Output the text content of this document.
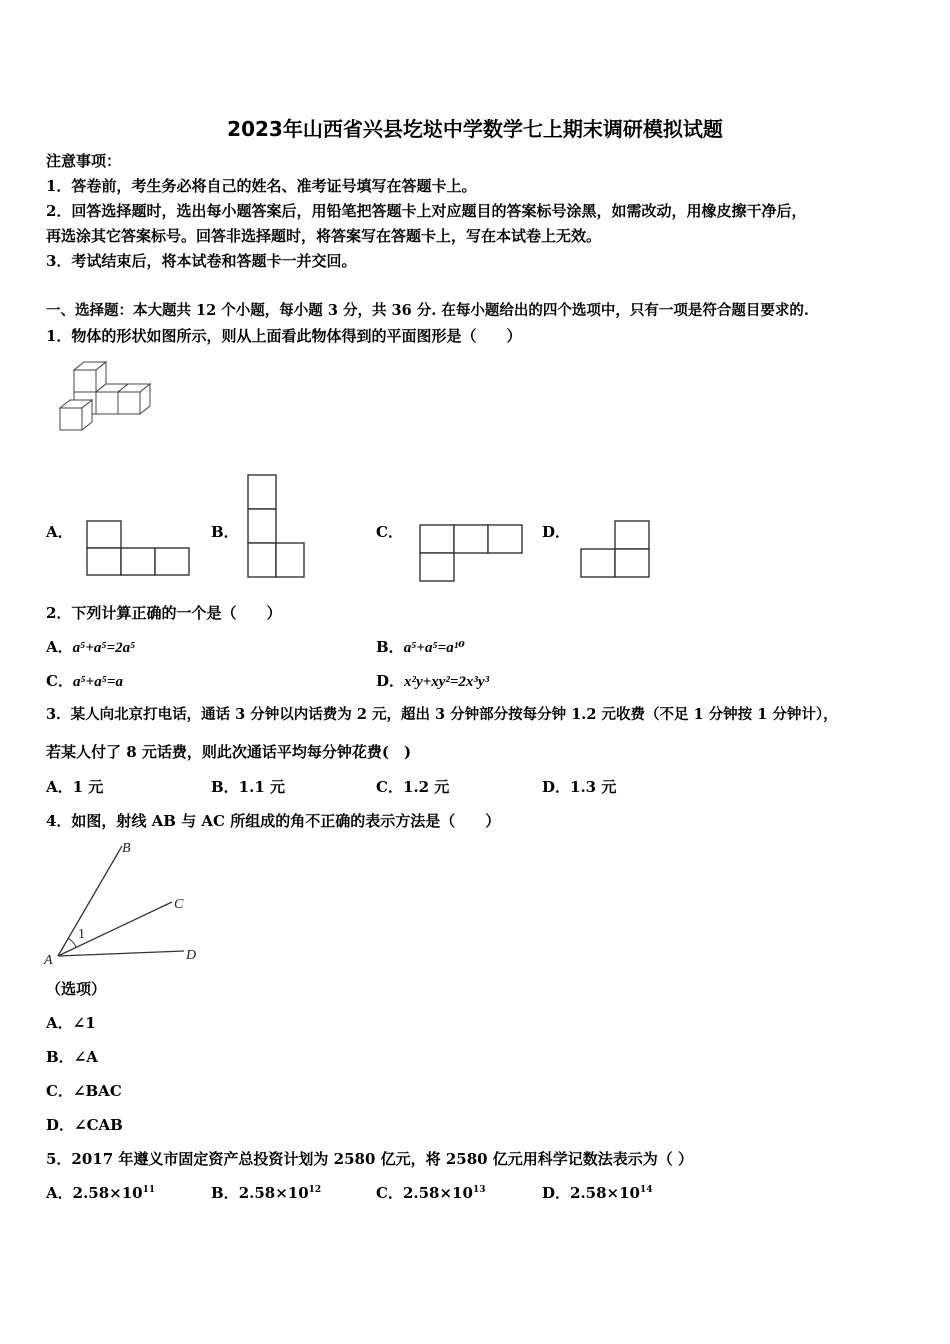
2023年山西省兴县圪垯中学数学七上期末调研模拟试题
注意事项：
1．答卷前，考生务必将自己的姓名、准考证号填写在答题卡上。
2．回答选择题时，选出每小题答案后，用铅笔把答题卡上对应题目的答案标号涂黑，如需改动，用橡皮擦干净后，
再选涂其它答案标号。回答非选择题时，将答案写在答题卡上，写在本试卷上无效。
3．考试结束后，将本试卷和答题卡一并交回。
一、选择题：本大题共 12 个小题，每小题 3 分，共 36 分. 在每小题给出的四个选项中，只有一项是符合题目要求的.
1．物体的形状如图所示，则从上面看此物体得到的平面图形是（　　）
A．	B．	C．	D．
2．下列计算正确的一个是（　　）
A．a⁵+a⁵=2a⁵	B．a⁵+a⁵=a¹⁰
C．a⁵+a⁵=a	D．x²y+xy²=2x³y³
3．某人向北京打电话，通话 3 分钟以内话费为 2 元，超出 3 分钟部分按每分钟 1.2 元收费（不足 1 分钟按 1 分钟计），
若某人付了 8 元话费，则此次通话平均每分钟花费(　)
A．1 元	B．1.1 元	C．1.2 元	D．1.3 元
4．如图，射线 AB 与 AC 所组成的角不正确的表示方法是（　　）
B
C
D
A
1
（选项）
A．∠1
B．∠A
C．∠BAC
D．∠CAB
5．2017 年遵义市固定资产总投资计划为 2580 亿元，将 2580 亿元用科学记数法表示为（ ）
A．$2.58\times 10^{11}$	B．$2.58\times 10^{12}$	C．$2.58\times 10^{13}$	D．$2.58\times 10^{14}$
